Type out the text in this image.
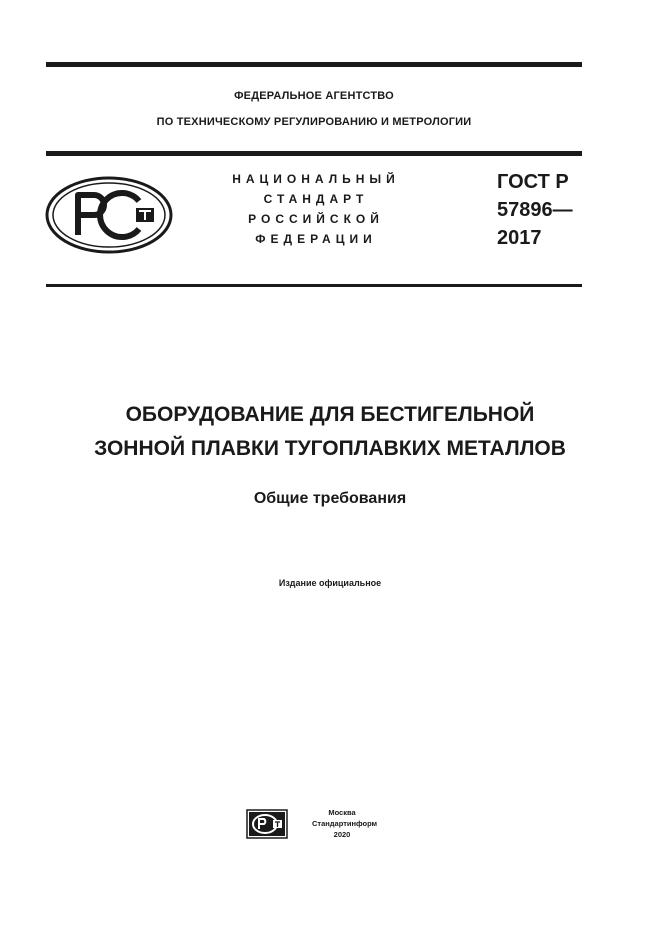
ФЕДЕРАЛЬНОЕ АГЕНТСТВО
ПО ТЕХНИЧЕСКОМУ РЕГУЛИРОВАНИЮ И МЕТРОЛОГИИ
НАЦИОНАЛЬНЫЙ
СТАНДАРТ
РОССИЙСКОЙ
ФЕДЕРАЦИИ
ГОСТ Р
57896—
2017
ОБОРУДОВАНИЕ ДЛЯ БЕСТИГЕЛЬНОЙ
ЗОННОЙ ПЛАВКИ ТУГОПЛАВКИХ МЕТАЛЛОВ
Общие требования
Издание официальное
Москва
Стандартинформ
2020
